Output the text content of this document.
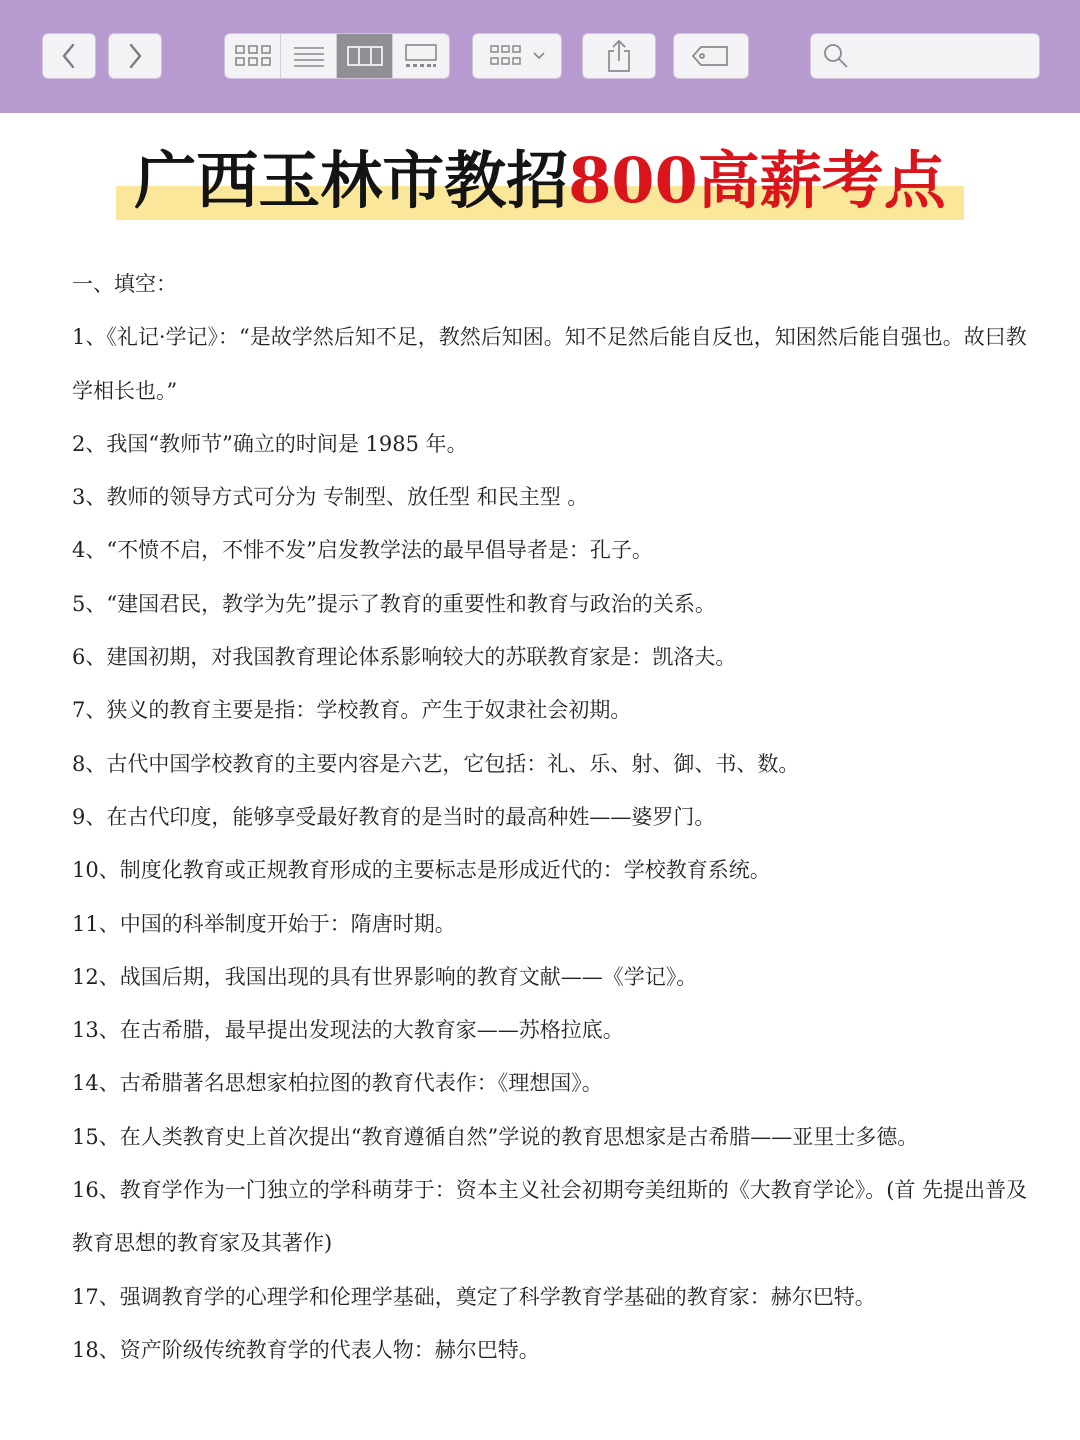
广西玉林市教招800高薪考点

一、填空：

1、《礼记·学记》：“是故学然后知不足，教然后知困。知不足然后能自反也，知困然后能自强也。故曰教学相长也。”

2、我国“教师节”确立的时间是 1985 年。

3、教师的领导方式可分为 专制型、放任型 和民主型 。

4、“不愤不启，不悱不发”启发教学法的最早倡导者是：孔子。

5、“建国君民，教学为先”提示了教育的重要性和教育与政治的关系。

6、建国初期，对我国教育理论体系影响较大的苏联教育家是：凯洛夫。

7、狭义的教育主要是指：学校教育。产生于奴隶社会初期。

8、古代中国学校教育的主要内容是六艺，它包括：礼、乐、射、御、书、数。

9、在古代印度，能够享受最好教育的是当时的最高种姓——婆罗门。

10、制度化教育或正规教育形成的主要标志是形成近代的：学校教育系统。

11、中国的科举制度开始于：隋唐时期。

12、战国后期，我国出现的具有世界影响的教育文献——《学记》。

13、在古希腊，最早提出发现法的大教育家——苏格拉底。

14、古希腊著名思想家柏拉图的教育代表作：《理想国》。

15、在人类教育史上首次提出“教育遵循自然”学说的教育思想家是古希腊——亚里士多德。

16、教育学作为一门独立的学科萌芽于：资本主义社会初期夸美纽斯的《大教育学论》。(首 先提出普及教育思想的教育家及其著作)

17、强调教育学的心理学和伦理学基础，奠定了科学教育学基础的教育家：赫尔巴特。

18、资产阶级传统教育学的代表人物：赫尔巴特。
